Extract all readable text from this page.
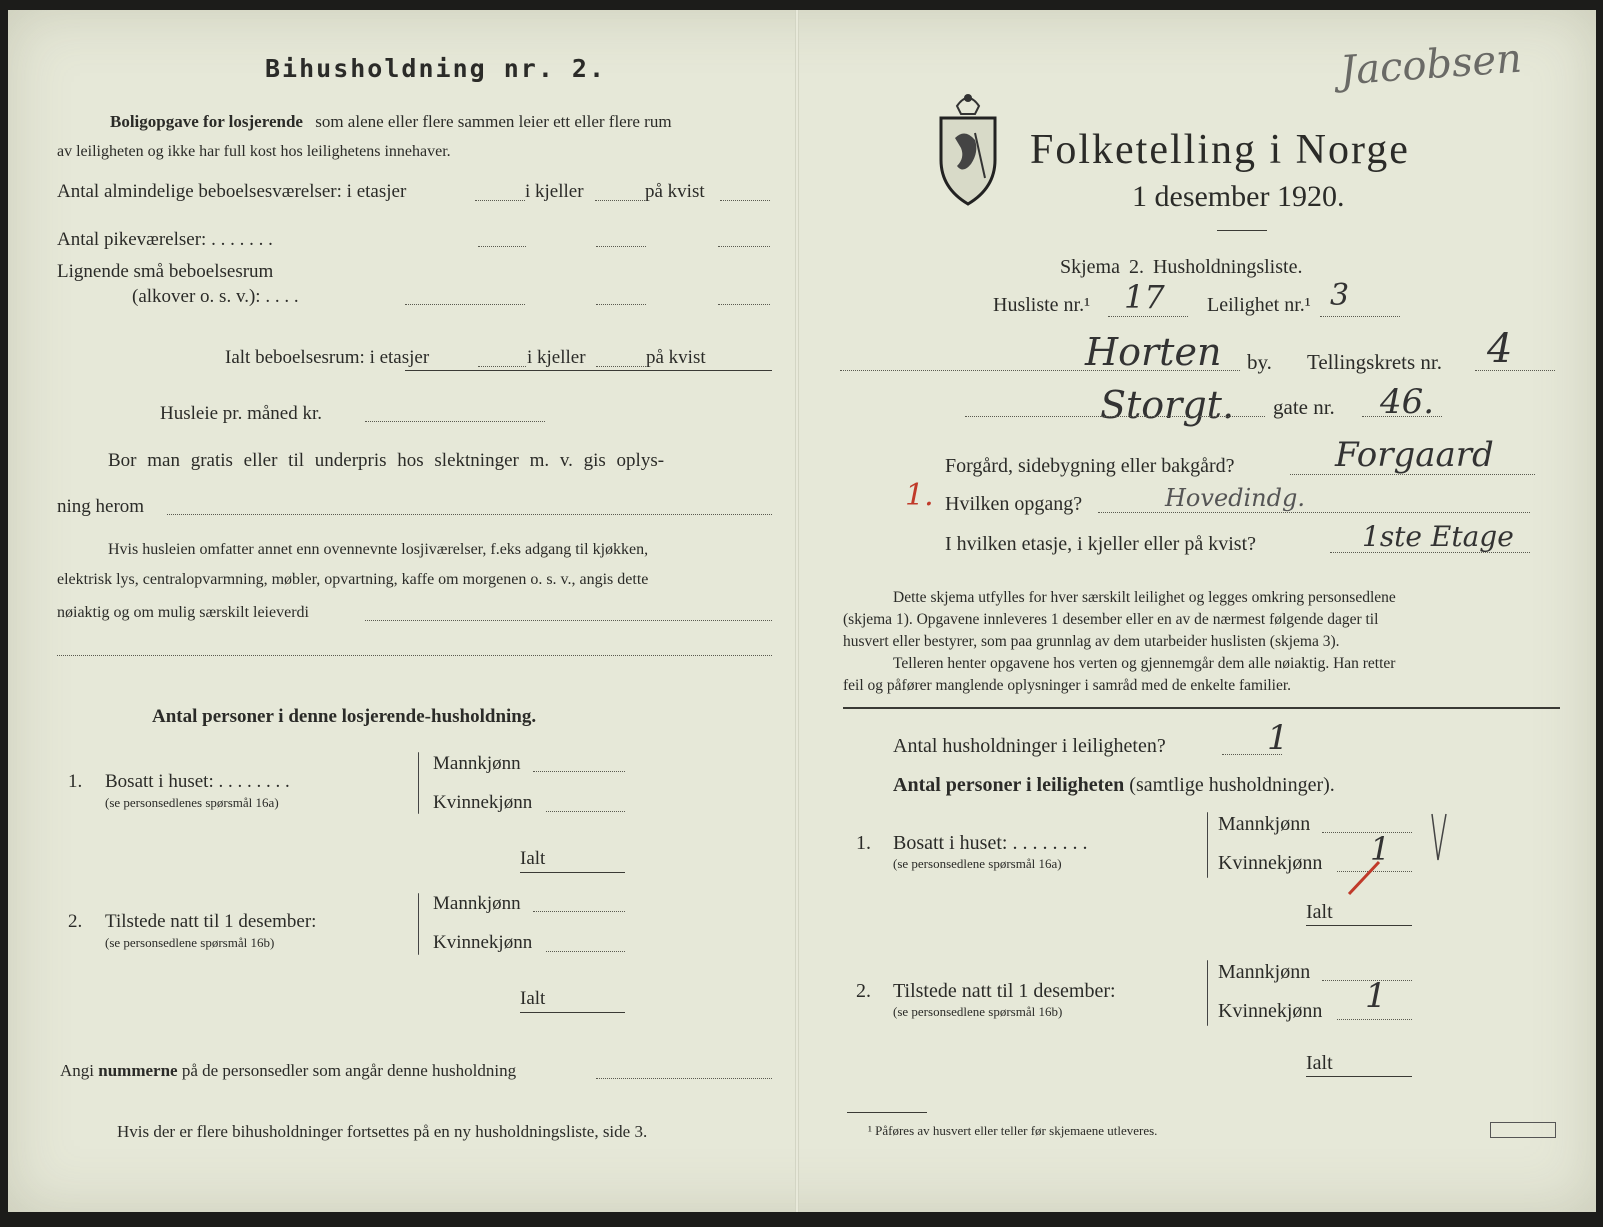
Bihusholdning nr. 2.
Boligopgave for losjerende som alene eller flere sammen leier ett eller flere rum
av leiligheten og ikke har full kost hos leilighetens innehaver.
Antal almindelige beboelsesværelser: i etasjer	i kjeller	på kvist
Antal pikeværelser: . . . . . . .
Lignende små beboelsesrum
(alkover o. s. v.): . . . .
Ialt beboelsesrum: i etasjer	i kjeller	på kvist
Husleie pr. måned kr.
Bor man gratis eller til underpris hos slektninger m. v. gis oplys-
ning herom
Hvis husleien omfatter annet enn ovennevnte losjiværelser, f.eks adgang til kjøkken,
elektrisk lys, centralopvarmning, møbler, opvartning, kaffe om morgenen o. s. v., angis dette
nøiaktig og om mulig særskilt leieverdi
Antal personer i denne losjerende-husholdning.
1. Bosatt i huset: . . . . . . . .
(se personsedlenes spørsmål 16a)
Mannkjønn
Kvinnekjønn
Ialt
2. Tilstede natt til 1 desember:
(se personsedlene spørsmål 16b)
Mannkjønn
Kvinnekjønn
Ialt
Angi nummerne på de personsedler som angår denne husholdning
Hvis der er flere bihusholdninger fortsettes på en ny husholdningsliste, side 3.
Jacobsen
Folketelling i Norge
1 desember 1920.
Skjema 2. Husholdningsliste.
Husliste nr.¹ 17 Leilighet nr.¹ 3
Horten by. Tellingskrets nr. 4
Storgt. gate nr. 46.
Forgård, sidebygning eller bakgård?	Forgaard
1. Hvilken opgang?	Hovedindg.
I hvilken etasje, i kjeller eller på kvist?	1ste Etage
Dette skjema utfylles for hver særskilt leilighet og legges omkring personsedlene
(skjema 1). Opgavene innleveres 1 desember eller en av de nærmest følgende dager til
husvert eller bestyrer, som paa grunnlag av dem utarbeider huslisten (skjema 3).
Telleren henter opgavene hos verten og gjennemgår dem alle nøiaktig. Han retter
feil og påfører manglende oplysninger i samråd med de enkelte familier.
Antal husholdninger i leiligheten?	1
Antal personer i leiligheten (samtlige husholdninger).
1. Bosatt i huset: . . . . . . . .
(se personsedlene spørsmål 16a)
Mannkjønn
Kvinnekjønn 1
Ialt
2. Tilstede natt til 1 desember:
(se personsedlene spørsmål 16b)
Mannkjønn
Kvinnekjønn 1
Ialt
¹ Påføres av husvert eller teller før skjemaene utleveres.
